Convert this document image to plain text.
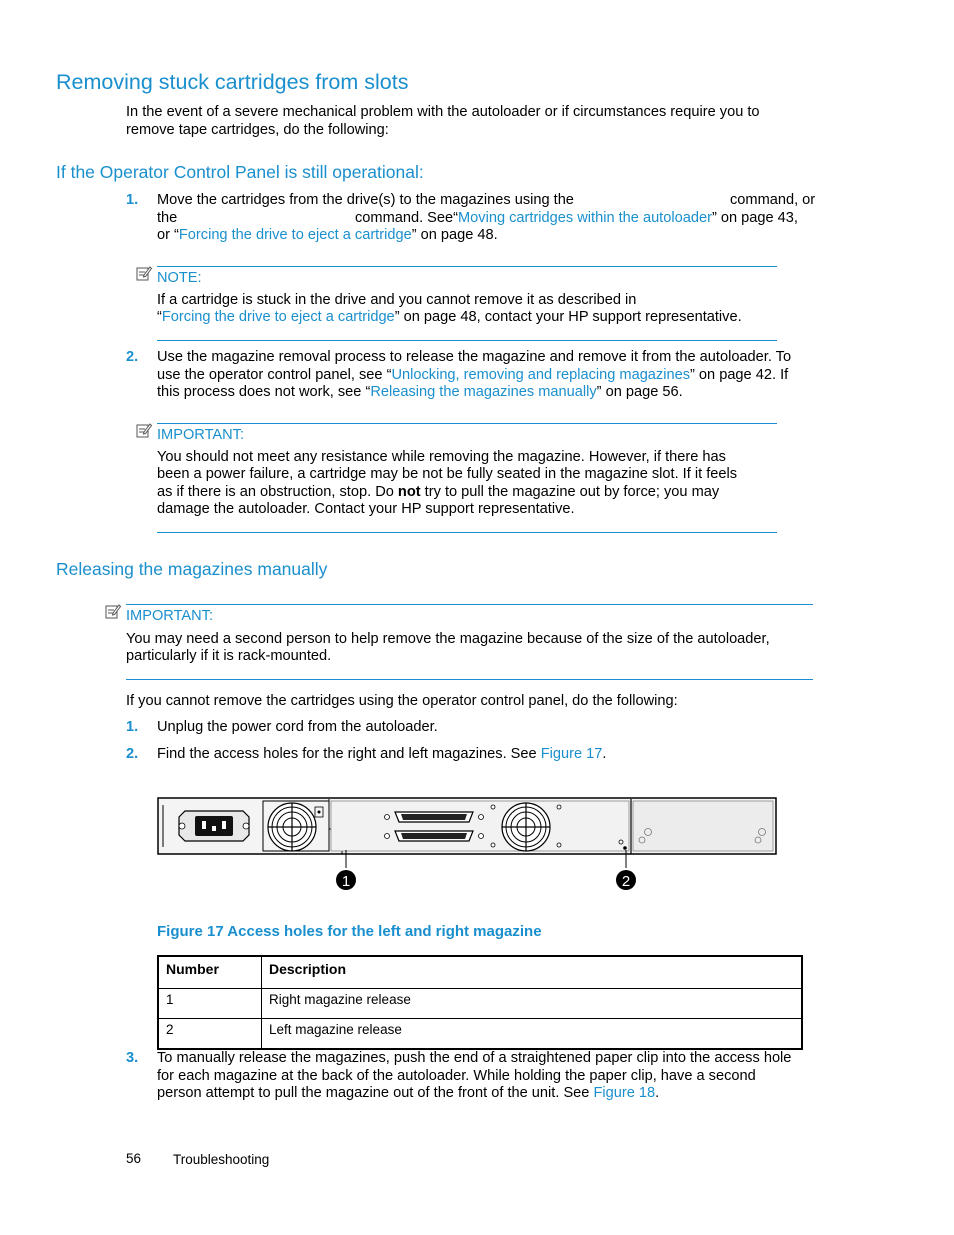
Removing stuck cartridges from slots
In the event of a severe mechanical problem with the autoloader or if circumstances require you to remove tape cartridges, do the following:
If the Operator Control Panel is still operational:
1.	Move the cartridges from the drive(s) to the magazines using the	command, or
the	command. See“Moving cartridges within the autoloader” on page 43,
or “Forcing the drive to eject a cartridge” on page 48.
NOTE:
If a cartridge is stuck in the drive and you cannot remove it as described in
“Forcing the drive to eject a cartridge” on page 48, contact your HP support representative.
2.	Use the magazine removal process to release the magazine and remove it from the autoloader. To
use the operator control panel, see “Unlocking, removing and replacing magazines” on page 42. If
this process does not work, see “Releasing the magazines manually” on page 56.
IMPORTANT:
You should not meet any resistance while removing the magazine. However, if there has
been a power failure, a cartridge may be not be fully seated in the magazine slot. If it feels
as if there is an obstruction, stop. Do not try to pull the magazine out by force; you may
damage the autoloader. Contact your HP support representative.
Releasing the magazines manually
IMPORTANT:
You may need a second person to help remove the magazine because of the size of the autoloader,
particularly if it is rack-mounted.
If you cannot remove the cartridges using the operator control panel, do the following:
1.	Unplug the power cord from the autoloader.
2.	Find the access holes for the right and left magazines. See Figure 17.
1	2
Figure 17 Access holes for the left and right magazine
Number	Description
1	Right magazine release
2	Left magazine release
3.	To manually release the magazines, push the end of a straightened paper clip into the access hole
for each magazine at the back of the autoloader. While holding the paper clip, have a second
person attempt to pull the magazine out of the front of the unit. See Figure 18.
56 Troubleshooting
